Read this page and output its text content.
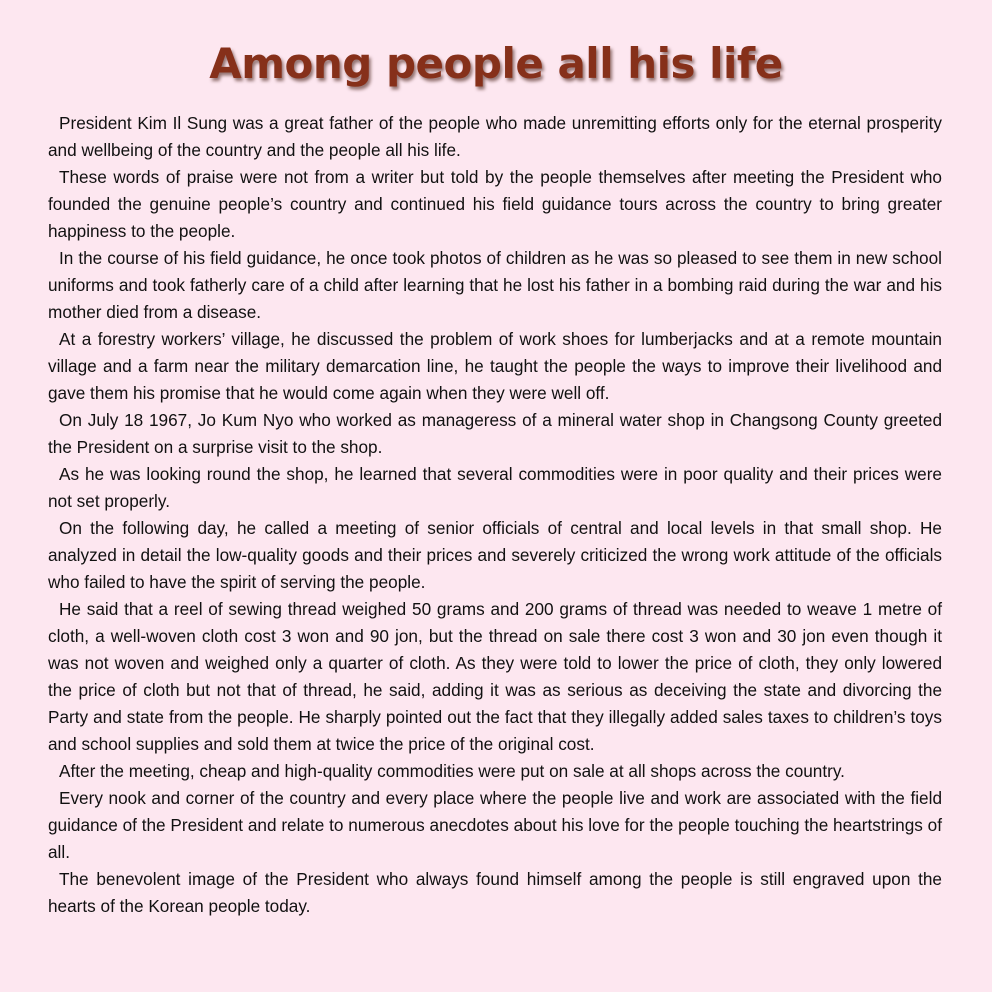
Among people all his life

President Kim Il Sung was a great father of the people who made unremitting efforts only for the eternal prosperity and wellbeing of the country and the people all his life.

These words of praise were not from a writer but told by the people themselves after meeting the President who founded the genuine people’s country and continued his field guidance tours across the country to bring greater happiness to the people.

In the course of his field guidance, he once took photos of children as he was so pleased to see them in new school uniforms and took fatherly care of a child after learning that he lost his father in a bombing raid during the war and his mother died from a disease.

At a forestry workers’ village, he discussed the problem of work shoes for lumberjacks and at a remote mountain village and a farm near the military demarcation line, he taught the people the ways to improve their livelihood and gave them his promise that he would come again when they were well off.

On July 18 1967, Jo Kum Nyo who worked as manageress of a mineral water shop in Changsong County greeted the President on a surprise visit to the shop.

As he was looking round the shop, he learned that several commodities were in poor quality and their prices were not set properly.

On the following day, he called a meeting of senior officials of central and local levels in that small shop. He analyzed in detail the low-quality goods and their prices and severely criticized the wrong work attitude of the officials who failed to have the spirit of serving the people.

He said that a reel of sewing thread weighed 50 grams and 200 grams of thread was needed to weave 1 metre of cloth, a well-woven cloth cost 3 won and 90 jon, but the thread on sale there cost 3 won and 30 jon even though it was not woven and weighed only a quarter of cloth. As they were told to lower the price of cloth, they only lowered the price of cloth but not that of thread, he said, adding it was as serious as deceiving the state and divorcing the Party and state from the people. He sharply pointed out the fact that they illegally added sales taxes to children’s toys and school supplies and sold them at twice the price of the original cost.

After the meeting, cheap and high-quality commodities were put on sale at all shops across the country.

Every nook and corner of the country and every place where the people live and work are associated with the field guidance of the President and relate to numerous anecdotes about his love for the people touching the heartstrings of all.

The benevolent image of the President who always found himself among the people is still engraved upon the hearts of the Korean people today.
